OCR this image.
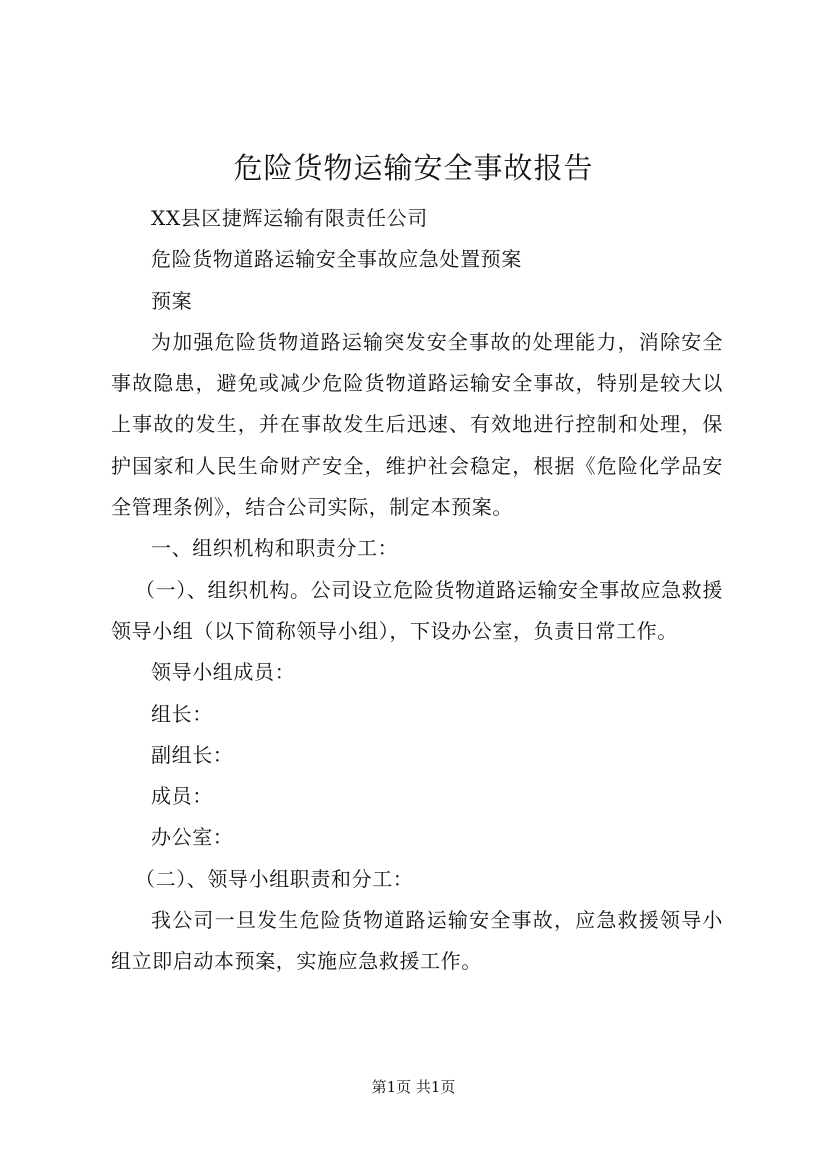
危险货物运输安全事故报告

XX县区捷辉运输有限责任公司

危险货物道路运输安全事故应急处置预案

预案

为加强危险货物道路运输突发安全事故的处理能力，消除安全事故隐患，避免或减少危险货物道路运输安全事故，特别是较大以上事故的发生，并在事故发生后迅速、有效地进行控制和处理，保护国家和人民生命财产安全，维护社会稳定，根据《危险化学品安全管理条例》，结合公司实际，制定本预案。

一、组织机构和职责分工：

（一）、组织机构。公司设立危险货物道路运输安全事故应急救援领导小组（以下简称领导小组），下设办公室，负责日常工作。

领导小组成员：

组长：

副组长：

成员：

办公室：

（二）、领导小组职责和分工：

我公司一旦发生危险货物道路运输安全事故，应急救援领导小组立即启动本预案，实施应急救援工作。

第1页 共1页
